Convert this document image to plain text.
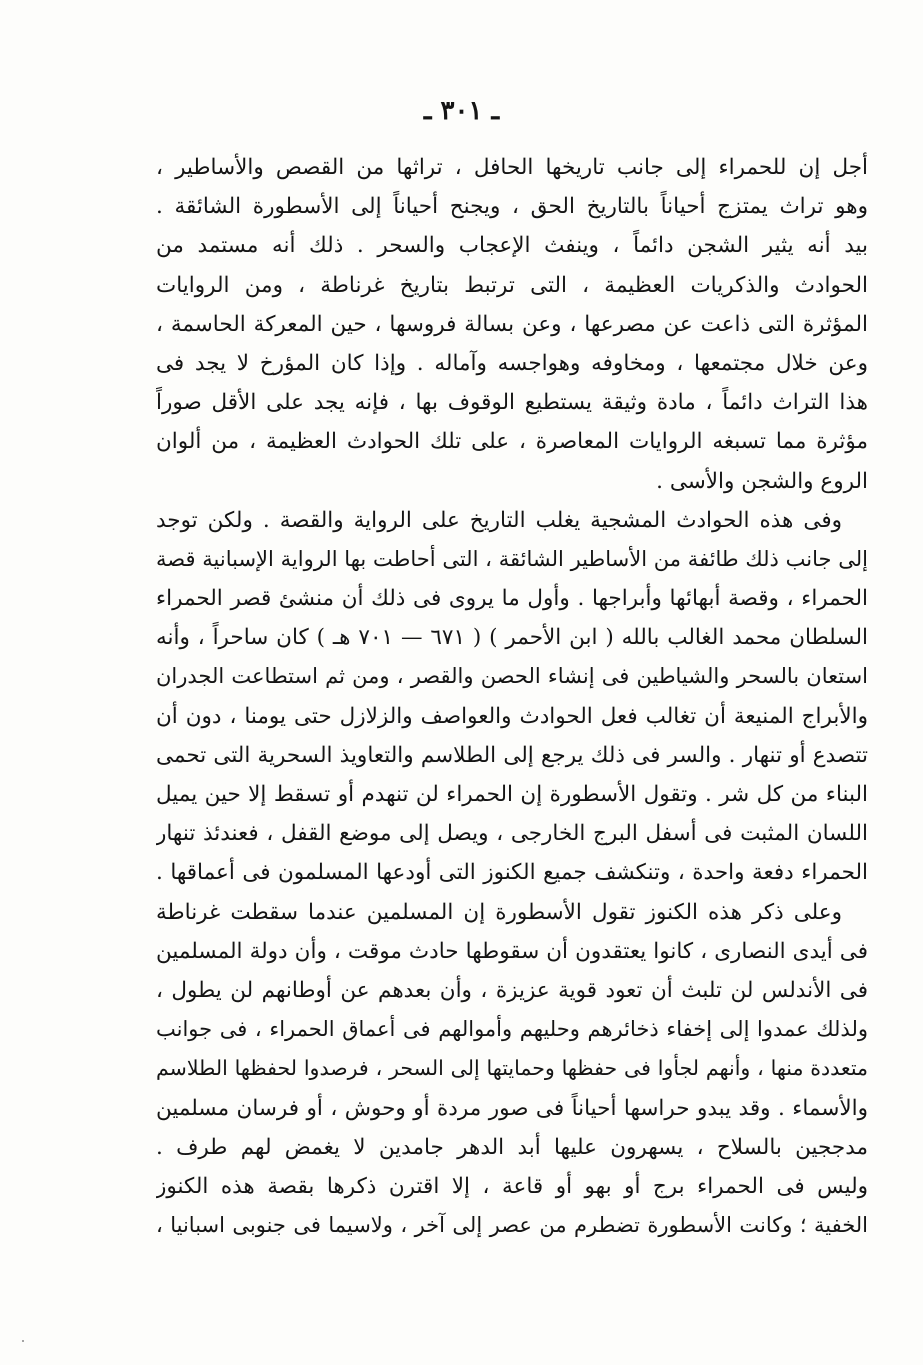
ـ ٣٠١ ـ
أجل إن للحمراء إلى جانب تاريخها الحافل ، تراثها من القصص والأساطير ،
وهو تراث يمتزج أحياناً بالتاريخ الحق ، ويجنح أحياناً إلى الأسطورة الشائقة .
بيد أنه يثير الشجن دائماً ، وينفث الإعجاب والسحر . ذلك أنه مستمد من
الحوادث والذكريات العظيمة ، التى ترتبط بتاريخ غرناطة ، ومن الروايات
المؤثرة التى ذاعت عن مصرعها ، وعن بسالة فروسها ، حين المعركة الحاسمة ،
وعن خلال مجتمعها ، ومخاوفه وهواجسه وآماله . وإذا كان المؤرخ لا يجد فى
هذا التراث دائماً ، مادة وثيقة يستطيع الوقوف بها ، فإنه يجد على الأقل صوراً
مؤثرة مما تسبغه الروايات المعاصرة ، على تلك الحوادث العظيمة ، من ألوان
الروع والشجن والأسى .
وفى هذه الحوادث المشجية يغلب التاريخ على الرواية والقصة . ولكن توجد
إلى جانب ذلك طائفة من الأساطير الشائقة ، التى أحاطت بها الرواية الإسبانية قصة
الحمراء ، وقصة أبهائها وأبراجها . وأول ما يروى فى ذلك أن منشئ قصر الحمراء
السلطان محمد الغالب بالله ( ابن الأحمر ) ( ٦٧١ — ٧٠١ هـ ) كان ساحراً ، وأنه
استعان بالسحر والشياطين فى إنشاء الحصن والقصر ، ومن ثم استطاعت الجدران
والأبراج المنيعة أن تغالب فعل الحوادث والعواصف والزلازل حتى يومنا ، دون أن
تتصدع أو تنهار . والسر فى ذلك يرجع إلى الطلاسم والتعاويذ السحرية التى تحمى
البناء من كل شر . وتقول الأسطورة إن الحمراء لن تنهدم أو تسقط إلا حين يميل
اللسان المثبت فى أسفل البرج الخارجى ، ويصل إلى موضع القفل ، فعندئذ تنهار
الحمراء دفعة واحدة ، وتنكشف جميع الكنوز التى أودعها المسلمون فى أعماقها .
وعلى ذكر هذه الكنوز تقول الأسطورة إن المسلمين عندما سقطت غرناطة
فى أيدى النصارى ، كانوا يعتقدون أن سقوطها حادث موقت ، وأن دولة المسلمين
فى الأندلس لن تلبث أن تعود قوية عزيزة ، وأن بعدهم عن أوطانهم لن يطول ،
ولذلك عمدوا إلى إخفاء ذخائرهم وحليهم وأموالهم فى أعماق الحمراء ، فى جوانب
متعددة منها ، وأنهم لجأوا فى حفظها وحمايتها إلى السحر ، فرصدوا لحفظها الطلاسم
والأسماء . وقد يبدو حراسها أحياناً فى صور مردة أو وحوش ، أو فرسان مسلمين
مدججين بالسلاح ، يسهرون عليها أبد الدهر جامدين لا يغمض لهم طرف .
وليس فى الحمراء برج أو بهو أو قاعة ، إلا اقترن ذكرها بقصة هذه الكنوز
الخفية ؛ وكانت الأسطورة تضطرم من عصر إلى آخر ، ولاسيما فى جنوبى اسبانيا ،
